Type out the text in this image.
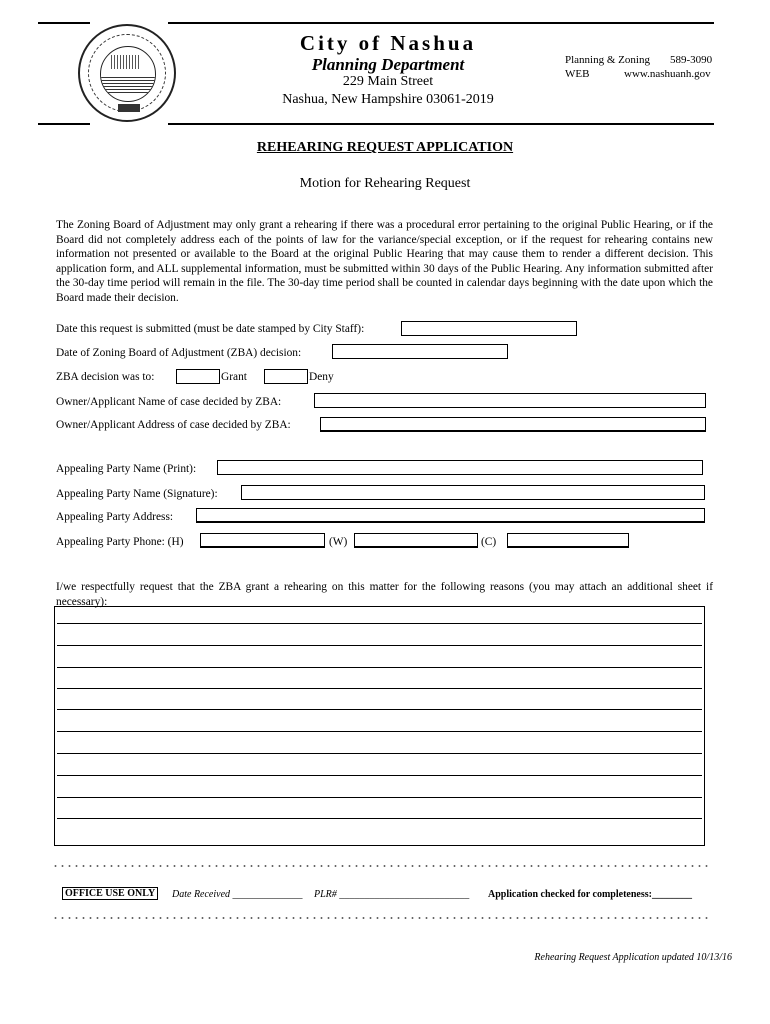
City of Nashua
Planning Department
229 Main Street
Nashua, New Hampshire 03061-2019
Planning & Zoning 589-3090
WEB	www.nashuanh.gov
REHEARING REQUEST APPLICATION
Motion for Rehearing Request
The Zoning Board of Adjustment may only grant a rehearing if there was a procedural error pertaining to the original Public Hearing, or if the Board did not completely address each of the points of law for the variance/special exception, or if the request for rehearing contains new information not presented or available to the Board at the original Public Hearing that may cause them to render a different decision. This application form, and ALL supplemental information, must be submitted within 30 days of the Public Hearing. Any information submitted after the 30-day time period will remain in the file. The 30-day time period shall be counted in calendar days beginning with the date upon which the Board made their decision.
Date this request is submitted (must be date stamped by City Staff):
Date of Zoning Board of Adjustment (ZBA) decision:
ZBA decision was to:	Grant	Deny
Owner/Applicant Name of case decided by ZBA:
Owner/Applicant Address of case decided by ZBA:
Appealing Party Name (Print):
Appealing Party Name (Signature):
Appealing Party Address:
Appealing Party Phone: (H)	(W)	(C)
I/we respectfully request that the ZBA grant a rehearing on this matter for the following reasons (you may attach an additional sheet if necessary):
OFFICE USE ONLY	Date Received ______________ PLR# __________________________ Application checked for completeness:________
Rehearing Request Application updated 10/13/16
